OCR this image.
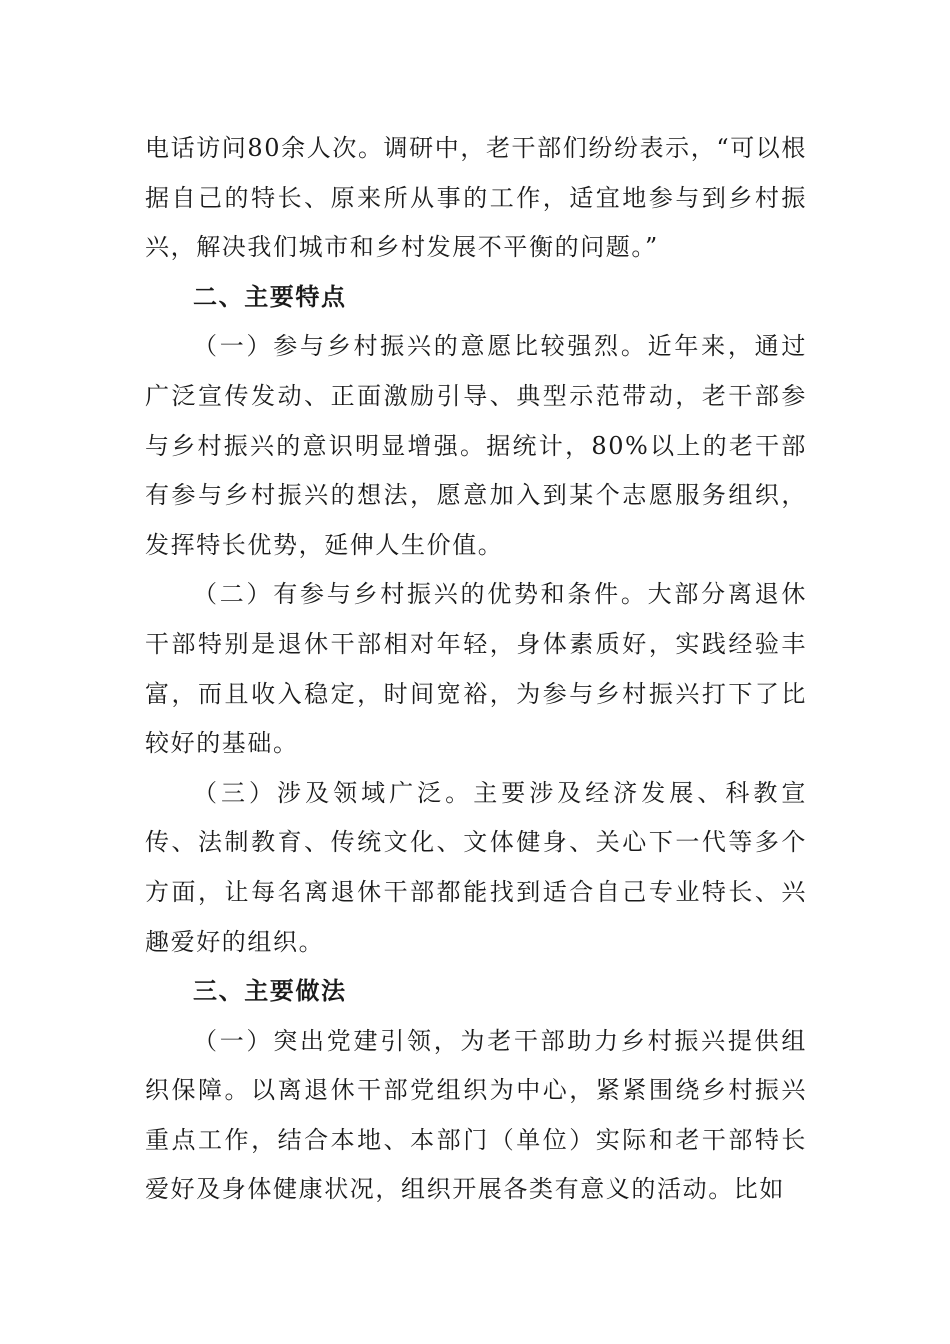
电话访问80余人次。调研中，老干部们纷纷表示，“可以根据自己的特长、原来所从事的工作，适宜地参与到乡村振兴，解决我们城市和乡村发展不平衡的问题。”

二、主要特点

（一）参与乡村振兴的意愿比较强烈。近年来，通过广泛宣传发动、正面激励引导、典型示范带动，老干部参与乡村振兴的意识明显增强。据统计，80%以上的老干部有参与乡村振兴的想法，愿意加入到某个志愿服务组织，发挥特长优势，延伸人生价值。

（二）有参与乡村振兴的优势和条件。大部分离退休干部特别是退休干部相对年轻，身体素质好，实践经验丰富，而且收入稳定，时间宽裕，为参与乡村振兴打下了比较好的基础。

（三）涉及领域广泛。主要涉及经济发展、科教宣传、法制教育、传统文化、文体健身、关心下一代等多个方面，让每名离退休干部都能找到适合自己专业特长、兴趣爱好的组织。

三、主要做法

（一）突出党建引领，为老干部助力乡村振兴提供组织保障。以离退休干部党组织为中心，紧紧围绕乡村振兴重点工作，结合本地、本部门（单位）实际和老干部特长爱好及身体健康状况，组织开展各类有意义的活动。比如
